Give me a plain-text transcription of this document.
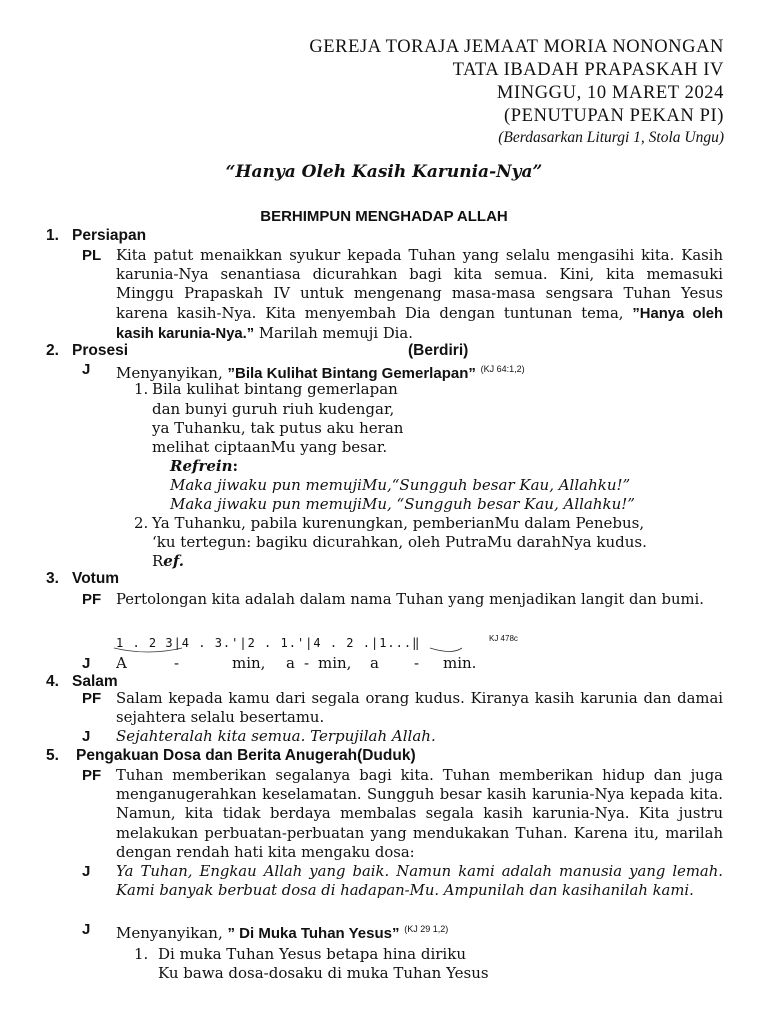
GEREJA TORAJA JEMAAT MORIA NONONGAN
TATA IBADAH PRAPASKAH IV
MINGGU, 10 MARET 2024
(PENUTUPAN PEKAN PI)
(Berdasarkan Liturgi 1, Stola Ungu)
“Hanya Oleh Kasih Karunia-Nya”
BERHIMPUN MENGHADAP ALLAH
1. Persiapan
PL Kita patut menaikkan syukur kepada Tuhan yang selalu mengasihi kita. Kasih karunia-Nya senantiasa dicurahkan bagi kita semua. Kini, kita memasuki Minggu Prapaskah IV untuk mengenang masa-masa sengsara Tuhan Yesus karena kasih-Nya. Kita menyembah Dia dengan tuntunan tema, ”Hanya oleh kasih karunia-Nya.” Marilah memuji Dia.
2. Prosesi	(Berdiri)
J Menyanyikan, ”Bila Kulihat Bintang Gemerlapan” $^{(KJ 64:1,2)}$
1. Bila kulihat bintang gemerlapan
dan bunyi guruh riuh kudengar,
ya Tuhanku, tak putus aku heran
melihat ciptaanMu yang besar.
Refrein:
Maka jiwaku pun memujiMu,“Sungguh besar Kau, Allahku!”
Maka jiwaku pun memujiMu, “Sungguh besar Kau, Allahku!”
2. Ya Tuhanku, pabila kurenungkan, pemberianMu dalam Penebus,
‘ku tertegun: bagiku dicurahkan, oleh PutraMu darahNya kudus.
Ref.
3. Votum
PF Pertolongan kita adalah dalam nama Tuhan yang menjadikan langit dan bumi.
1 . 2 3|4 . 3.'|2 . 1.'|4 . 2 .|1...‖	KJ 478c
J A	-	min, a - min, a - min.
4. Salam
PF Salam kepada kamu dari segala orang kudus. Kiranya kasih karunia dan damai sejahtera selalu besertamu.
J Sejahteralah kita semua. Terpujilah Allah.
5. Pengakuan Dosa dan Berita Anugerah(Duduk)
PF Tuhan memberikan segalanya bagi kita. Tuhan memberikan hidup dan juga menganugerahkan keselamatan. Sungguh besar kasih karunia-Nya kepada kita. Namun, kita tidak berdaya membalas segala kasih karunia-Nya. Kita justru melakukan perbuatan-perbuatan yang mendukakan Tuhan. Karena itu, marilah dengan rendah hati kita mengaku dosa:
J Ya Tuhan, Engkau Allah yang baik. Namun kami adalah manusia yang lemah. Kami banyak berbuat dosa di hadapan-Mu. Ampunilah dan kasihanilah kami.
J Menyanyikan, ” Di Muka Tuhan Yesus” $^{(KJ 29 1,2)}$
1. Di muka Tuhan Yesus betapa hina diriku
Ku bawa dosa-dosaku di muka Tuhan Yesus
